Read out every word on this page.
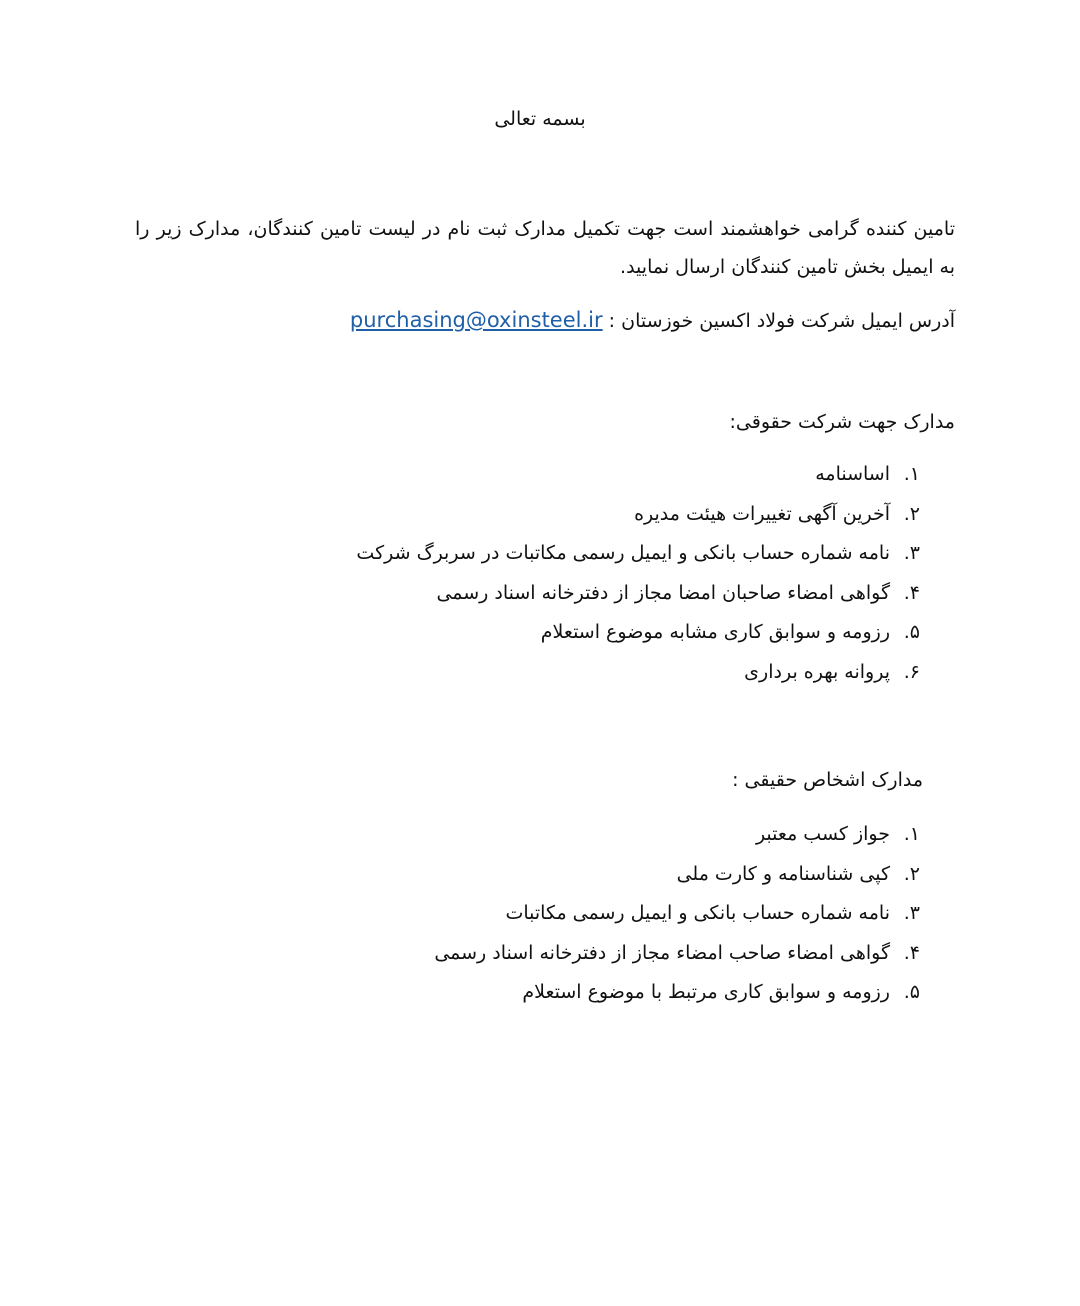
بسمه تعالی
تامین کننده گرامی خواهشمند است جهت تکمیل مدارک ثبت نام در لیست تامین کنندگان، مدارک زیر را به ایمیل بخش تامین کنندگان ارسال نمایید.
آدرس ایمیل شرکت فولاد اکسین خوزستان : purchasing@oxinsteel.ir
مدارک جهت شرکت حقوقی:
۱.
اساسنامه
۲.
آخرین آگهی تغییرات هیئت مدیره
۳.
نامه شماره حساب بانکی و ایمیل رسمی مکاتبات در سربرگ شرکت
۴.
گواهی امضاء صاحبان امضا مجاز از دفترخانه اسناد رسمی
۵.
رزومه و سوابق کاری مشابه موضوع استعلام
۶.
پروانه بهره برداری
مدارک اشخاص حقیقی :
۱.
جواز کسب معتبر
۲.
کپی شناسنامه و کارت ملی
۳.
نامه شماره حساب بانکی و ایمیل رسمی مکاتبات
۴.
گواهی امضاء صاحب امضاء مجاز از دفترخانه اسناد رسمی
۵.
رزومه و سوابق کاری مرتبط با موضوع استعلام
